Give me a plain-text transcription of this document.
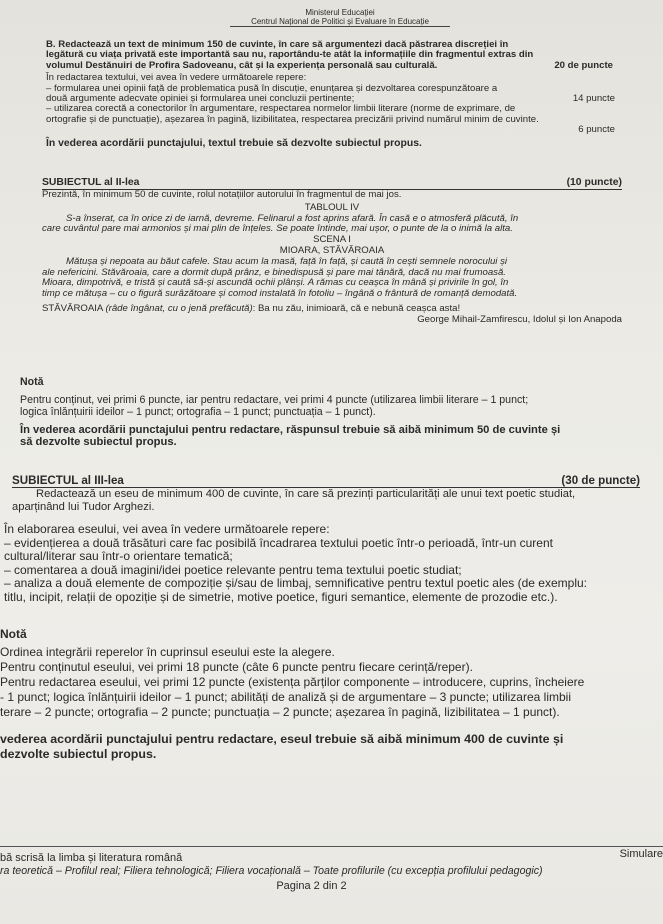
Ministerul Educației
Centrul Național de Politici și Evaluare în Educație
B. Redactează un text de minimum 150 de cuvinte, în care să argumentezi dacă păstrarea discreției în
legătură cu viața privată este importantă sau nu, raportându-te atât la informațiile din fragmentul extras din
volumul Destănuiri de Profira Sadoveanu, cât și la experiența personală sau culturală.	20 de puncte
În redactarea textului, vei avea în vedere următoarele repere:
– formularea unei opinii față de problematica pusă în discuție, enunțarea și dezvoltarea corespunzătoare a
două argumente adecvate opiniei și formularea unei concluzii pertinente;	14 puncte
– utilizarea corectă a conectorilor în argumentare, respectarea normelor limbii literare (norme de exprimare, de
ortografie și de punctuație), așezarea în pagină, lizibilitatea, respectarea precizării privind numărul minim de cuvinte.
6 puncte
În vederea acordării punctajului, textul trebuie să dezvolte subiectul propus.
SUBIECTUL al II-lea	(10 puncte)
Prezintă, în minimum 50 de cuvinte, rolul notațiilor autorului în fragmentul de mai jos.
TABLOUL IV
S-a înserat, ca în orice zi de iarnă, devreme. Felinarul a fost aprins afară. În casă e o atmosferă plăcută, în
care cuvântul pare mai armonios și mai plin de înțeles. Se poate întinde, mai ușor, o punte de la o inimă la alta.
SCENA I
MIOARA, STĂVĂROAIA
Mătușa și nepoata au băut cafele. Stau acum la masă, față în față, și caută în cești semnele norocului și
ale nefericini. Stăvăroaia, care a dormit după prânz, e binedispusă și pare mai tânără, dacă nu mai frumoasă.
Mioara, dimpotrivă, e tristă și caută să-și ascundă ochii plânși. A rămas cu ceașca în mână și privirile în gol, în
timp ce mătușa – cu o figură surâzătoare și comod instalată în fotoliu – îngână o frântură de romanță demodată.
STĂVĂROAIA (râde îngânat, cu o jenă prefăcută): Ba nu zău, inimioară, că e nebună ceașca asta!
George Mihail-Zamfirescu, Idolul și Ion Anapoda
Notă
Pentru conținut, vei primi 6 puncte, iar pentru redactare, vei primi 4 puncte (utilizarea limbii literare – 1 punct;
logica înlănțuirii ideilor – 1 punct; ortografia – 1 punct; punctuația – 1 punct).
În vederea acordării punctajului pentru redactare, răspunsul trebuie să aibă minimum 50 de cuvinte și
să dezvolte subiectul propus.
SUBIECTUL al III-lea	(30 de puncte)
Redactează un eseu de minimum 400 de cuvinte, în care să prezinți particularități ale unui text poetic studiat,
aparținând lui Tudor Arghezi.
În elaborarea eseului, vei avea în vedere următoarele repere:
– evidențierea a două trăsături care fac posibilă încadrarea textului poetic într-o perioadă, într-un curent
cultural/literar sau într-o orientare tematică;
– comentarea a două imagini/idei poetice relevante pentru tema textului poetic studiat;
– analiza a două elemente de compoziție și/sau de limbaj, semnificative pentru textul poetic ales (de exemplu:
titlu, incipit, relații de opoziție și de simetrie, motive poetice, figuri semantice, elemente de prozodie etc.).
Notă
Ordinea integrării reperelor în cuprinsul eseului este la alegere.
Pentru conținutul eseului, vei primi 18 puncte (câte 6 puncte pentru fiecare cerință/reper).
Pentru redactarea eseului, vei primi 12 puncte (existența părților componente – introducere, cuprins, încheiere
- 1 punct; logica înlănțuirii ideilor – 1 punct; abilități de analiză și de argumentare – 3 puncte; utilizarea limbii
terare – 2 puncte; ortografia – 2 puncte; punctuația – 2 puncte; așezarea în pagină, lizibilitatea – 1 punct).
vederea acordării punctajului pentru redactare, eseul trebuie să aibă minimum 400 de cuvinte și
dezvolte subiectul propus.
bă scrisă la limba și literatura română	Simulare
ra teoretică – Profilul real; Filiera tehnologică; Filiera vocațională – Toate profilurile (cu excepția profilului pedagogic)
Pagina 2 din 2
